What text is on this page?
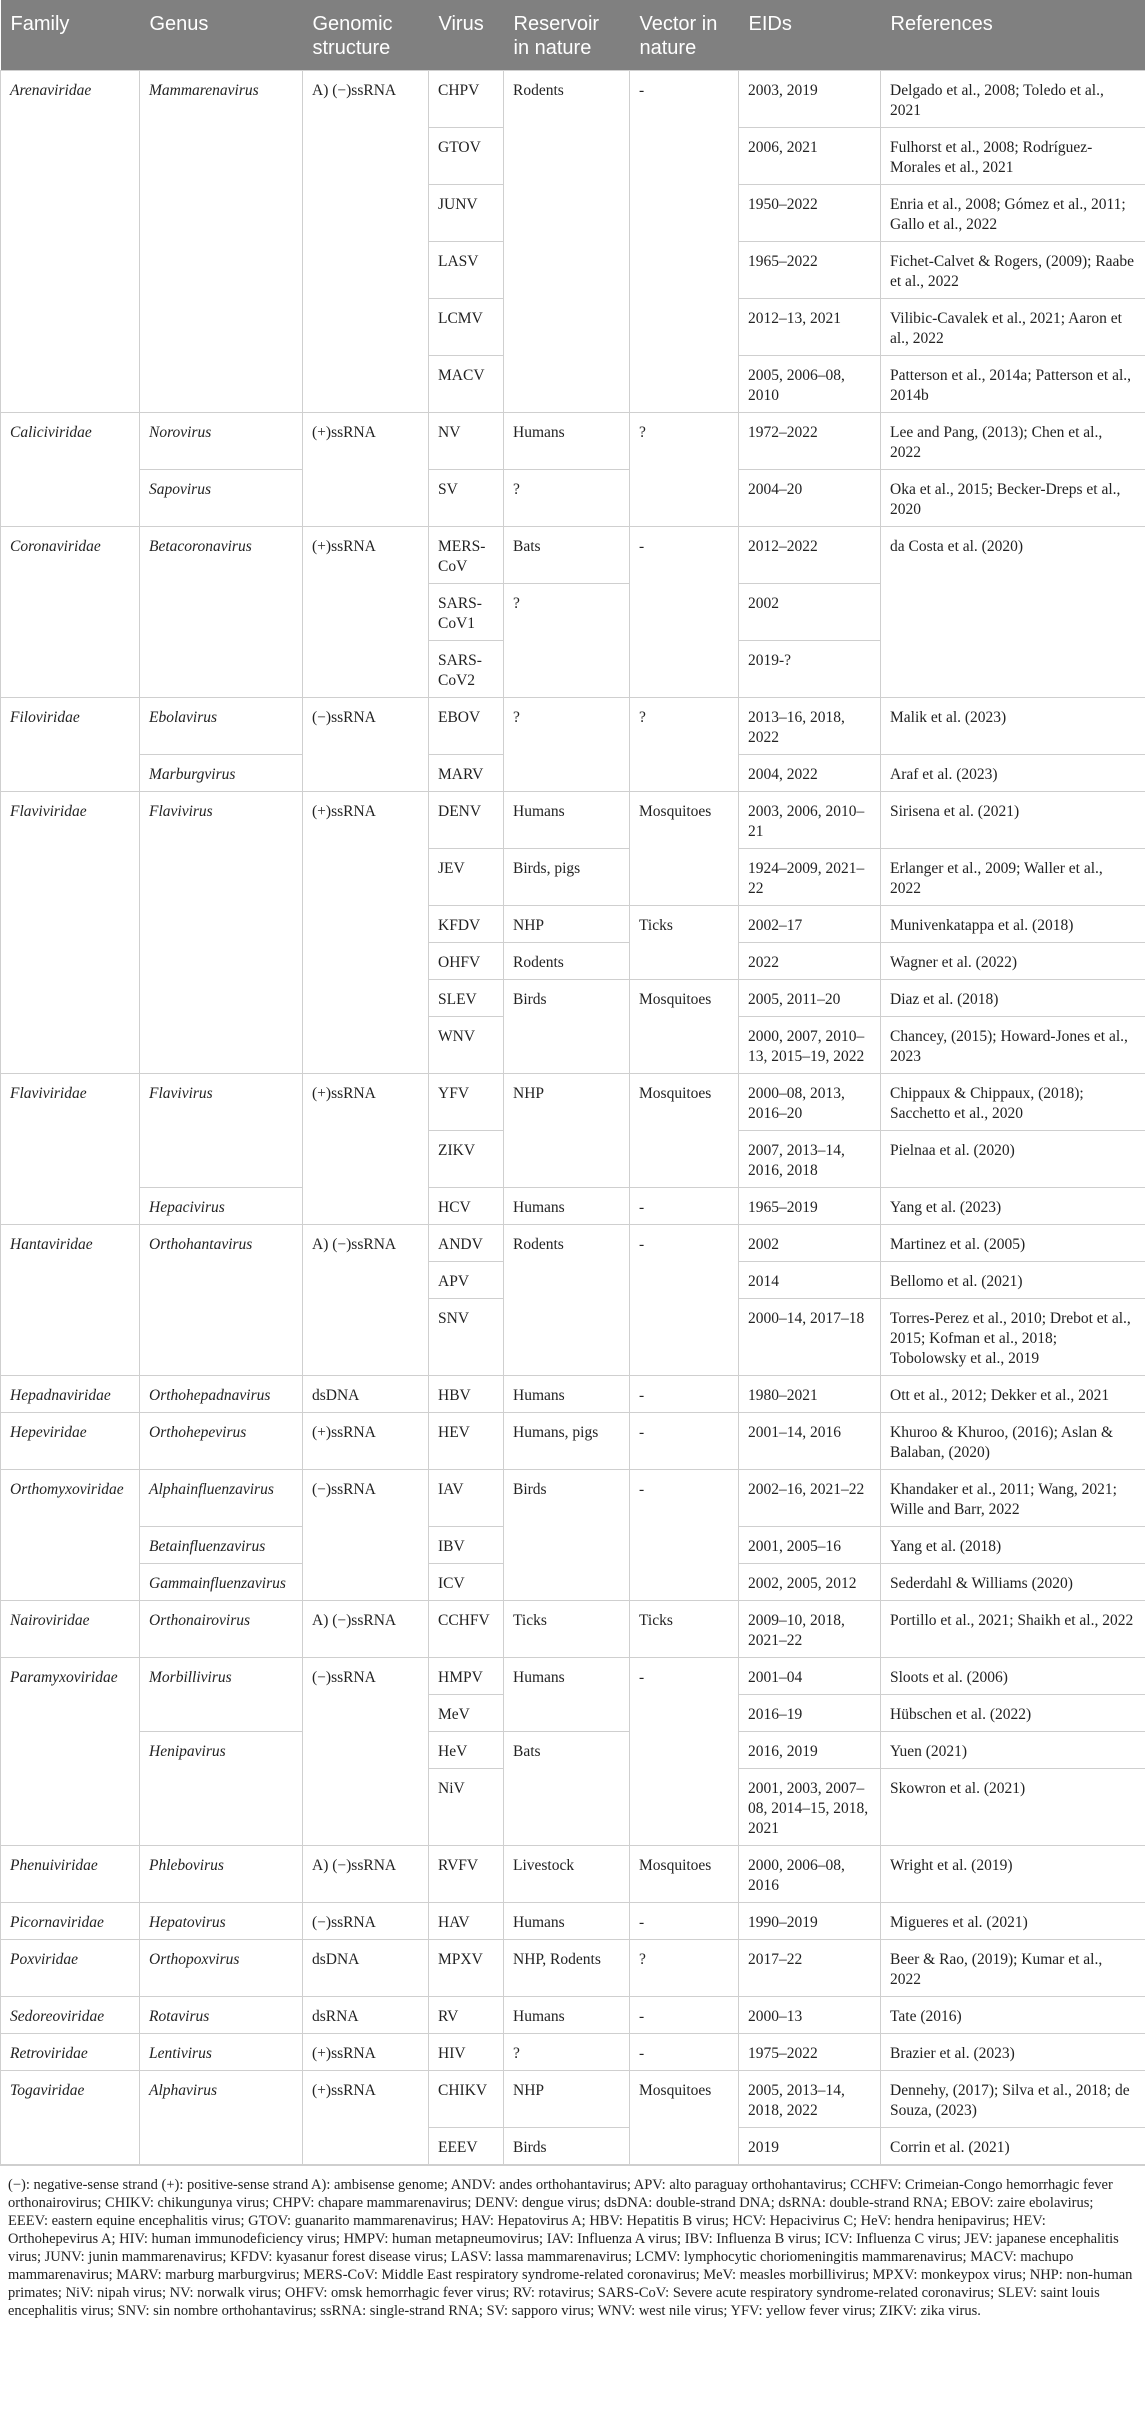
Family	Genus	Genomic structure	Virus	Reservoir in nature	Vector in nature	EIDs	References
Arenaviridae	Mammarenavirus	A) (−)ssRNA	CHPV	Rodents	-	2003, 2019	Delgado et al., 2008; Toledo et al., 2021
			GTOV			2006, 2021	Fulhorst et al., 2008; Rodríguez-Morales et al., 2021
			JUNV			1950–2022	Enria et al., 2008; Gómez et al., 2011; Gallo et al., 2022
			LASV			1965–2022	Fichet-Calvet & Rogers, (2009); Raabe et al., 2022
			LCMV			2012–13, 2021	Vilibic-Cavalek et al., 2021; Aaron et al., 2022
			MACV			2005, 2006–08, 2010	Patterson et al., 2014a; Patterson et al., 2014b
Caliciviridae	Norovirus	(+)ssRNA	NV	Humans	?	1972–2022	Lee and Pang, (2013); Chen et al., 2022
	Sapovirus		SV	?		2004–20	Oka et al., 2015; Becker-Dreps et al., 2020
Coronaviridae	Betacoronavirus	(+)ssRNA	MERS-CoV	Bats	-	2012–2022	da Costa et al. (2020)
			SARS-CoV1	?		2002	
			SARS-CoV2			2019-?	
Filoviridae	Ebolavirus	(−)ssRNA	EBOV	?	?	2013–16, 2018, 2022	Malik et al. (2023)
	Marburgvirus		MARV			2004, 2022	Araf et al. (2023)
Flaviviridae	Flavivirus	(+)ssRNA	DENV	Humans	Mosquitoes	2003, 2006, 2010–21	Sirisena et al. (2021)
			JEV	Birds, pigs		1924–2009, 2021–22	Erlanger et al., 2009; Waller et al., 2022
			KFDV	NHP	Ticks	2002–17	Munivenkatappa et al. (2018)
			OHFV	Rodents		2022	Wagner et al. (2022)
			SLEV	Birds	Mosquitoes	2005, 2011–20	Diaz et al. (2018)
			WNV			2000, 2007, 2010–13, 2015–19, 2022	Chancey, (2015); Howard-Jones et al., 2023
Flaviviridae	Flavivirus	(+)ssRNA	YFV	NHP	Mosquitoes	2000–08, 2013, 2016–20	Chippaux & Chippaux, (2018); Sacchetto et al., 2020
			ZIKV			2007, 2013–14, 2016, 2018	Pielnaa et al. (2020)
	Hepacivirus		HCV	Humans	-	1965–2019	Yang et al. (2023)
Hantaviridae	Orthohantavirus	A) (−)ssRNA	ANDV	Rodents	-	2002	Martinez et al. (2005)
			APV			2014	Bellomo et al. (2021)
			SNV			2000–14, 2017–18	Torres-Perez et al., 2010; Drebot et al., 2015; Kofman et al., 2018; Tobolowsky et al., 2019
Hepadnaviridae	Orthohepadnavirus	dsDNA	HBV	Humans	-	1980–2021	Ott et al., 2012; Dekker et al., 2021
Hepeviridae	Orthohepevirus	(+)ssRNA	HEV	Humans, pigs	-	2001–14, 2016	Khuroo & Khuroo, (2016); Aslan & Balaban, (2020)
Orthomyxoviridae	Alphainfluenzavirus	(−)ssRNA	IAV	Birds	-	2002–16, 2021–22	Khandaker et al., 2011; Wang, 2021; Wille and Barr, 2022
	Betainfluenzavirus		IBV			2001, 2005–16	Yang et al. (2018)
	Gammainfluenzavirus		ICV			2002, 2005, 2012	Sederdahl & Williams (2020)
Nairoviridae	Orthonairovirus	A) (−)ssRNA	CCHFV	Ticks	Ticks	2009–10, 2018, 2021–22	Portillo et al., 2021; Shaikh et al., 2022
Paramyxoviridae	Morbillivirus	(−)ssRNA	HMPV	Humans	-	2001–04	Sloots et al. (2006)
			MeV			2016–19	Hübschen et al. (2022)
	Henipavirus		HeV	Bats		2016, 2019	Yuen (2021)
			NiV			2001, 2003, 2007–08, 2014–15, 2018, 2021	Skowron et al. (2021)
Phenuiviridae	Phlebovirus	A) (−)ssRNA	RVFV	Livestock	Mosquitoes	2000, 2006–08, 2016	Wright et al. (2019)
Picornaviridae	Hepatovirus	(−)ssRNA	HAV	Humans	-	1990–2019	Migueres et al. (2021)
Poxviridae	Orthopoxvirus	dsDNA	MPXV	NHP, Rodents	?	2017–22	Beer & Rao, (2019); Kumar et al., 2022
Sedoreoviridae	Rotavirus	dsRNA	RV	Humans	-	2000–13	Tate (2016)
Retroviridae	Lentivirus	(+)ssRNA	HIV	?	-	1975–2022	Brazier et al. (2023)
Togaviridae	Alphavirus	(+)ssRNA	CHIKV	NHP	Mosquitoes	2005, 2013–14, 2018, 2022	Dennehy, (2017); Silva et al., 2018; de Souza, (2023)
			EEEV	Birds		2019	Corrin et al. (2021)
(−): negative-sense strand (+): positive-sense strand A): ambisense genome; ANDV: andes orthohantavirus; APV: alto paraguay orthohantavirus; CCHFV: Crimeian-Congo hemorrhagic fever orthonairovirus; CHIKV: chikungunya virus; CHPV: chapare mammarenavirus; DENV: dengue virus; dsDNA: double-strand DNA; dsRNA: double-strand RNA; EBOV: zaire ebolavirus; EEEV: eastern equine encephalitis virus; GTOV: guanarito mammarenavirus; HAV: Hepatovirus A; HBV: Hepatitis B virus; HCV: Hepacivirus C; HeV: hendra henipavirus; HEV: Orthohepevirus A; HIV: human immunodeficiency virus; HMPV: human metapneumovirus; IAV: Influenza A virus; IBV: Influenza B virus; ICV: Influenza C virus; JEV: japanese encephalitis virus; JUNV: junin mammarenavirus; KFDV: kyasanur forest disease virus; LASV: lassa mammarenavirus; LCMV: lymphocytic choriomeningitis mammarenavirus; MACV: machupo mammarenavirus; MARV: marburg marburgvirus; MERS-CoV: Middle East respiratory syndrome-related coronavirus; MeV: measles morbillivirus; MPXV: monkeypox virus; NHP: non-human primates; NiV: nipah virus; NV: norwalk virus; OHFV: omsk hemorrhagic fever virus; RV: rotavirus; SARS-CoV: Severe acute respiratory syndrome-related coronavirus; SLEV: saint louis encephalitis virus; SNV: sin nombre orthohantavirus; ssRNA: single-strand RNA; SV: sapporo virus; WNV: west nile virus; YFV: yellow fever virus; ZIKV: zika virus.
